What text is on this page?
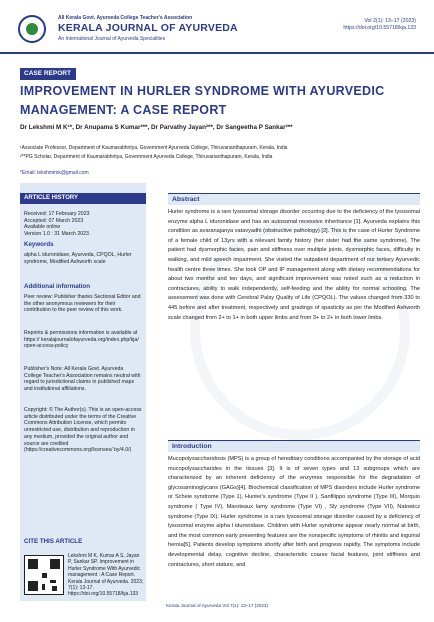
All Kerala Govt. Ayurveda College Teacher's Association
KERALA JOURNAL OF AYURVEDA
An International Journal of Ayurveda Specialities
Vol 2(1): 13–17 (2023)
https://doi.org/10.55718/kja.133
CASE REPORT
IMPROVEMENT IN HURLER SYNDROME WITH AYURVEDIC
MANAGEMENT: A CASE REPORT
Dr Lekshmi M K¹*, Dr Anupama S Kumar²**, Dr Parvathy Jayan²**, Dr Sangeetha P Sankar²**
¹Associate Professor, Department of Kaumarabhritya, Government Ayurveda College, Thiruvananthapuram, Kerala, India
²**PG Scholar, Department of Kaumarabhritya, Government Ayurveda College, Thiruvananthapuram, Kerala, India
*Email: lekshmimk@gmail.com
ARTICLE HISTORY
Received: 17 February 2023
Accepted: 07 March 2023
Available online
Version 1.0 : 31 March 2023
Keywords
alpha L iduronidase, Ayurveda, CPQOL, Hurler syndrome, Modified Ashworth scale
Additional information
Peer review: Publisher thanks Sectional Editor and the other anonymous reviewers for their contribution to the peer review of this work.
Reprints & permissions information is available at https:// keralajournalofayurveda.org/index.php/kja/ open-access-policy
Publisher's Note: All Kerala Govt. Ayurveda College Teacher's Association remains neutral with regard to jurisdictional claims in published maps and institutional affiliations.
Copyright: © The Author(s). This is an open-access article distributed under the terms of the Creative Commons Attribution License, which permits unrestricted use, distribution and reproduction in any medium, provided the original author and source are credited (https://creativecommons.org/licenses/ by/4.0/)
CITE THIS ARTICLE
Lekshmi M K, Kumar A S, Jayan P, Sankar SP. Improvement in Hurler Syndrome With Ayurvedic management : A Case Report. Kerala Journal of Ayurveda. 2023; 7(1): 13-17. https://doi.org/10.55718/kja.133
Abstract
Hurler syndrome is a rare lysosomal storage disorder occurring due to the deficiency of the lysosomal enzyme alpha L iduronidase and has an autosomal recessive inheritance [1]. Ayurveda explains this condition as avaranajanya vatavyadhi (obstructive pathology) [2]. This is the case of Hurler Syndrome of a female child of 13yrs with a relevant family history (her sister had the same syndrome). The patient had dysmorphic facies, pain and stiffness over multiple joints, dysmorphic faces, difficulty in walking, and mild speech impairment. She visited the outpatient department of our tertiary Ayurvedic health centre three times. She took OP and IP management along with dietary recommendations for about two months and ten days, and significant improvement was noted such as a reduction in contractures, ability to walk independently, self-feeding and the ability for normal schooling. The assessment was done with Cerebral Palsy Quality of Life (CPQOL). The values changed from 330 to 445 before and after treatment, respectively and gradings of spasticity as per the Modified Ashworth scale changed from 2+ to 1+ in both upper limbs and from 3+ to 2+ in both lower limbs.
Introduction
Mucopolysaccharidosis (MPS) is a group of hereditary conditions accompanied by the storage of acid mucopolysaccharides in the tissues [3]. It is of seven types and 13 subgroups which are characterized by an inherent deficiency of the enzymes responsible for the degradation of glycosaminoglycans (GAGs)[4]. Biochemical classification of MPS disorders include Hurler syndrome or Scheie syndrome (Type 1), Hunter's syndrome (Type II ), Sanfilippo syndrome (Type III), Morquio syndrome ( Type IV), Maroteaux lamy syndrome (Type VI) , Sly syndrome (Type VII), Natowicz syndrome (Type IX). Hurler syndrome is a rare lysosomal storage disorder caused by a deficiency of lysosomal enzyme alpha l iduronidase. Children with Hurler syndrome appear nearly normal at birth, and the most common early presenting features are the nonspecific symptoms of rhinitis and inguinal hernia[5]. Patients develop symptoms shortly after birth and progress rapidly. The symptoms include developmental delay, cognitive decline, characteristic coarse facial features, joint stiffness and contractures, short stature, and
Kerala Journal of Ayurveda Vol 7(1): 13–17 (2023)
